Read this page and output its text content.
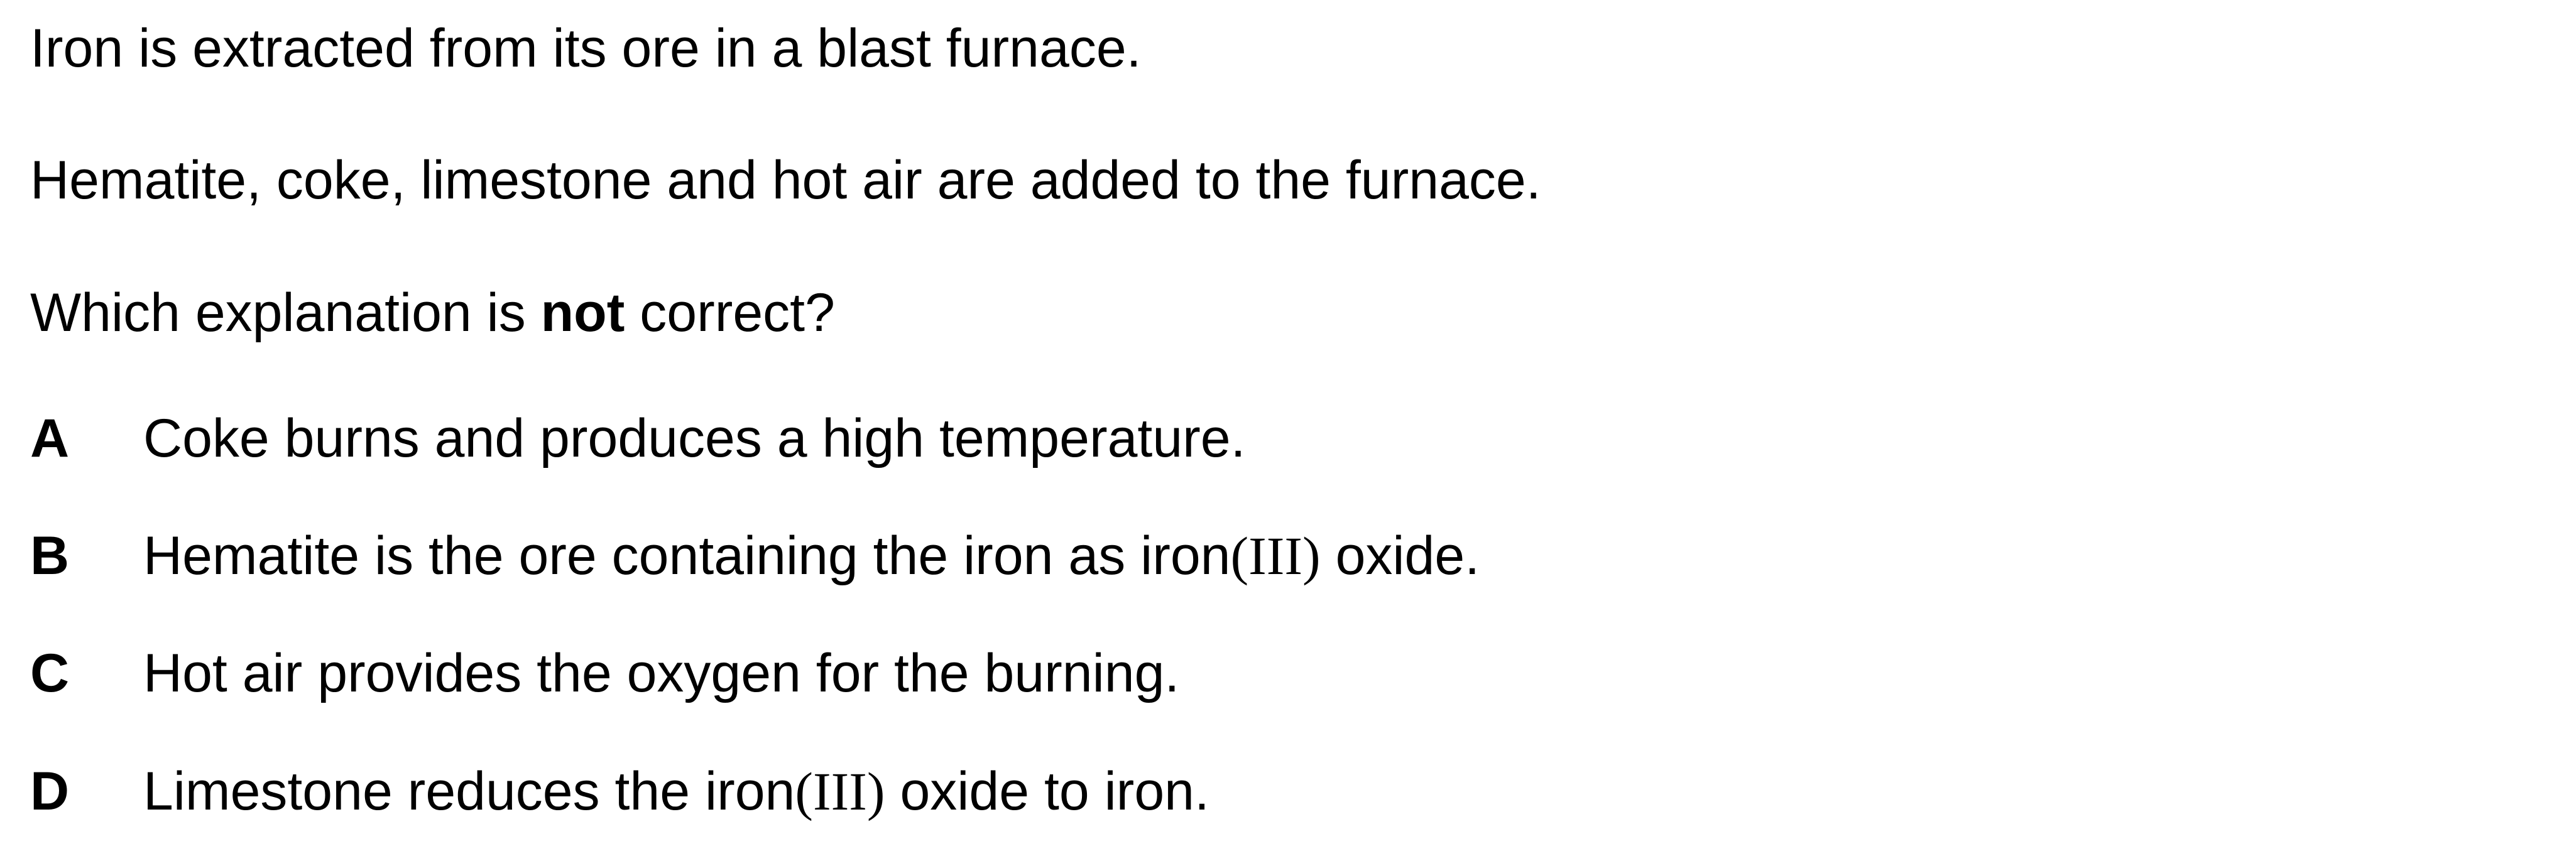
Iron is extracted from its ore in a blast furnace.

Hematite, coke, limestone and hot air are added to the furnace.

Which explanation is not correct?

A Coke burns and produces a high temperature.
B Hematite is the ore containing the iron as iron(III) oxide.
C Hot air provides the oxygen for the burning.
D Limestone reduces the iron(III) oxide to iron.
